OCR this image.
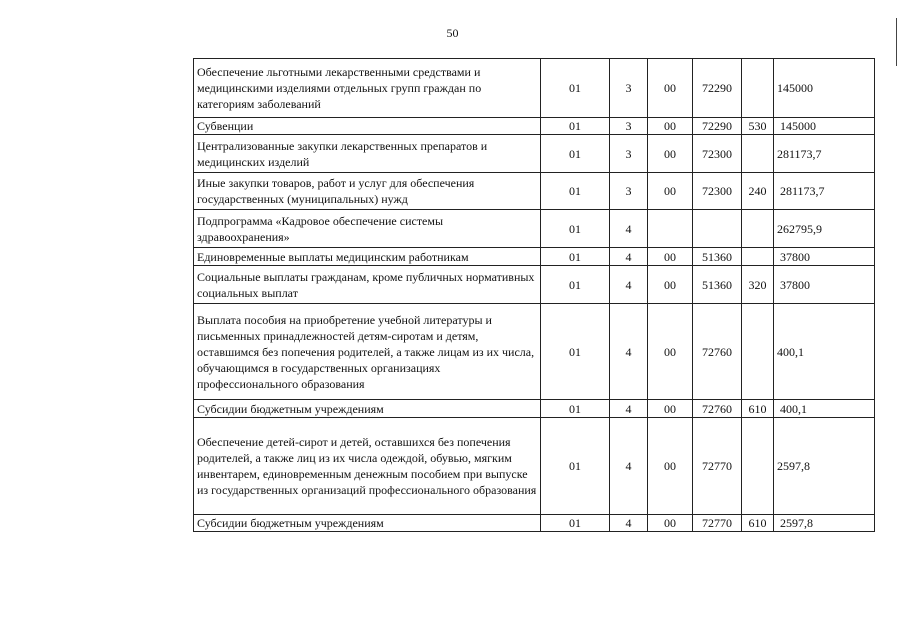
50
Обеспечение льготными лекарственными средствами и медицинскими изделиями отдельных групп граждан по категориям заболеваний	01	3	00	72290		145000
Субвенции	01	3	00	72290	530	145000
Централизованные закупки лекарственных препаратов и медицинских изделий	01	3	00	72300		281173,7
Иные закупки товаров, работ и услуг для обеспечения государственных (муниципальных) нужд	01	3	00	72300	240	281173,7
Подпрограмма «Кадровое обеспечение системы здравоохранения»	01	4				262795,9
Единовременные выплаты медицинским работникам	01	4	00	51360		37800
Социальные выплаты гражданам, кроме публичных нормативных социальных выплат	01	4	00	51360	320	37800
Выплата пособия на приобретение учебной литературы и письменных принадлежностей детям-сиротам и детям, оставшимся без попечения родителей, а также лицам из их числа, обучающимся в государственных организациях профессионального образования	01	4	00	72760		400,1
Субсидии бюджетным учреждениям	01	4	00	72760	610	400,1
Обеспечение детей-сирот и детей, оставшихся без попечения родителей, а также лиц из их числа одеждой, обувью, мягким инвентарем, единовременным денежным пособием при выпуске из государственных организаций профессионального образования	01	4	00	72770		2597,8
Субсидии бюджетным учреждениям	01	4	00	72770	610	2597,8
